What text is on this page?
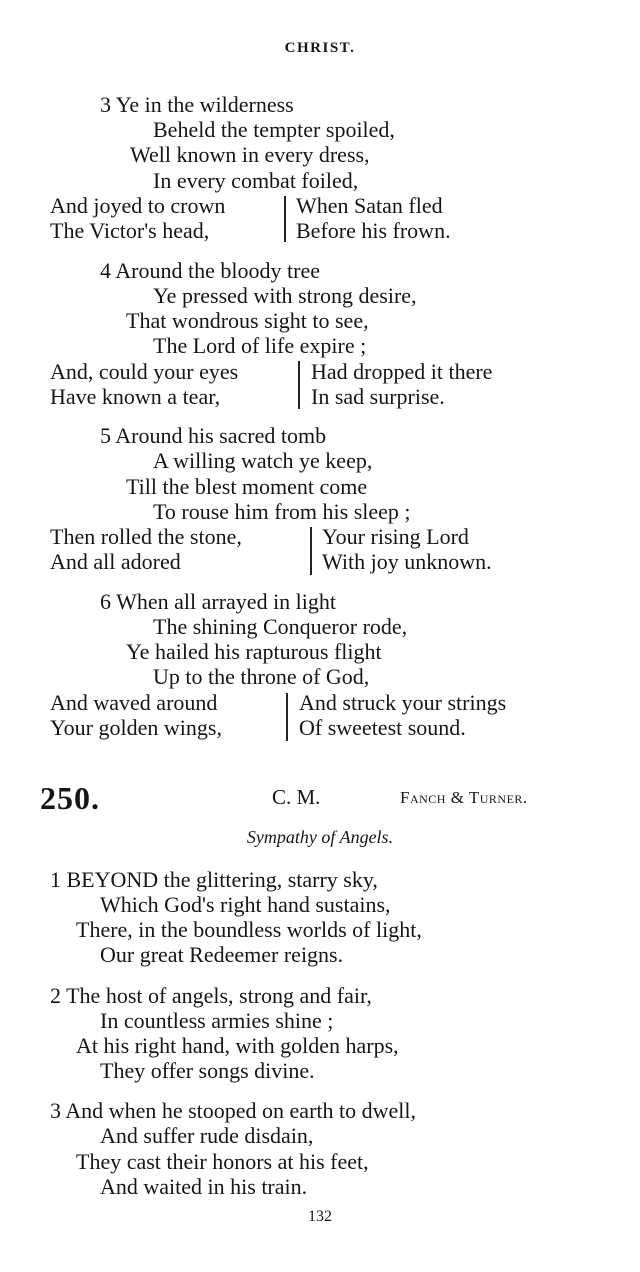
CHRIST.
3 Ye in the wilderness
Beheld the tempter spoiled,
Well known in every dress,
In every combat foiled,
And joyed to crown
The Victor's head,
When Satan fled
Before his frown.
4 Around the bloody tree
Ye pressed with strong desire,
That wondrous sight to see,
The Lord of life expire ;
And, could your eyes
Have known a tear,
Had dropped it there
In sad surprise.
5 Around his sacred tomb
A willing watch ye keep,
Till the blest moment come
To rouse him from his sleep ;
Then rolled the stone,
And all adored
Your rising Lord
With joy unknown.
6 When all arrayed in light
The shining Conqueror rode,
Ye hailed his rapturous flight
Up to the throne of God,
And waved around
Your golden wings,
And struck your strings
Of sweetest sound.
250.	C. M.	Fanch & Turner.
Sympathy of Angels.
1 BEYOND the glittering, starry sky,
Which God's right hand sustains,
There, in the boundless worlds of light,
Our great Redeemer reigns.
2 The host of angels, strong and fair,
In countless armies shine ;
At his right hand, with golden harps,
They offer songs divine.
3 And when he stooped on earth to dwell,
And suffer rude disdain,
They cast their honors at his feet,
And waited in his train.
132
